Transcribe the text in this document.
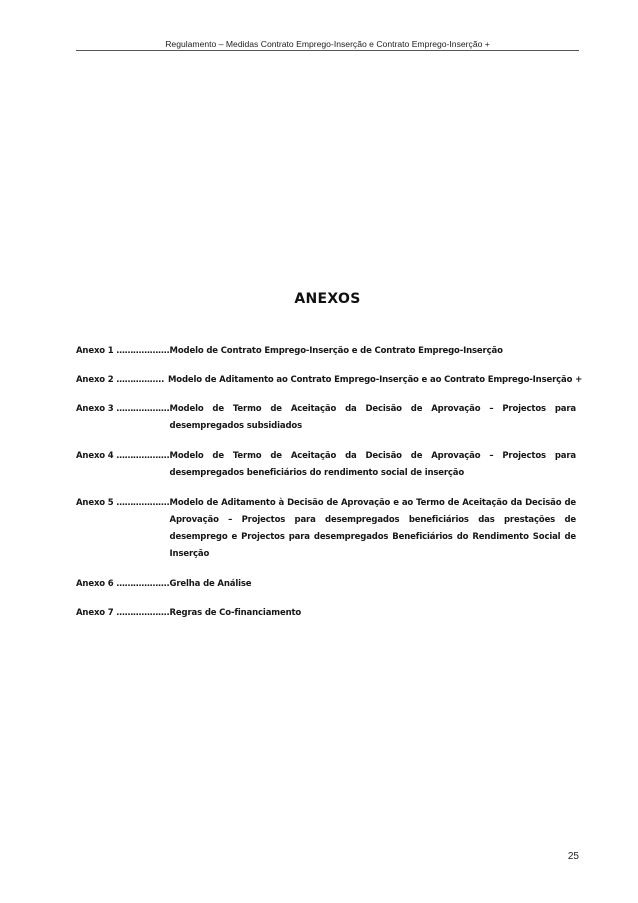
Regulamento – Medidas Contrato Emprego-Inserção e Contrato Emprego-Inserção +
ANEXOS
Anexo 1 ………………. Modelo de Contrato Emprego-Inserção e de Contrato Emprego-Inserção
Anexo 2 …………….. Modelo de Aditamento ao Contrato Emprego-Inserção e ao Contrato Emprego-Inserção +
Anexo 3 ………………. Modelo de Termo de Aceitação da Decisão de Aprovação – Projectos para desempregados subsidiados
Anexo 4 ………………. Modelo de Termo de Aceitação da Decisão de Aprovação – Projectos para desempregados beneficiários do rendimento social de inserção
Anexo 5 ………………. Modelo de Aditamento à Decisão de Aprovação e ao Termo de Aceitação da Decisão de Aprovação – Projectos para desempregados beneficiários das prestações de desemprego e Projectos para desempregados Beneficiários do Rendimento Social de Inserção
Anexo 6 ………………. Grelha de Análise
Anexo 7 ………………. Regras de Co-financiamento
25
